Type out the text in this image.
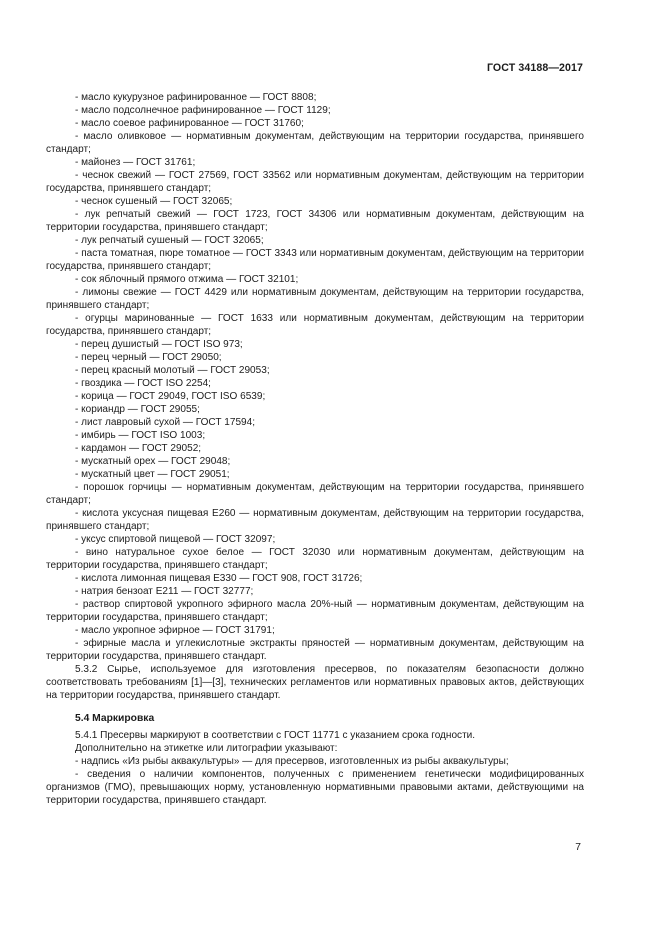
ГОСТ 34188—2017

- масло кукурузное рафинированное — ГОСТ 8808;

- масло подсолнечное рафинированное — ГОСТ 1129;

- масло соевое рафинированное — ГОСТ 31760;

- масло оливковое — нормативным документам, действующим на территории государства, принявшего стандарт;

- майонез — ГОСТ 31761;

- чеснок свежий — ГОСТ 27569, ГОСТ 33562 или нормативным документам, действующим на территории государства, принявшего стандарт;

- чеснок сушеный — ГОСТ 32065;

- лук репчатый свежий — ГОСТ 1723, ГОСТ 34306 или нормативным документам, действующим на территории государства, принявшего стандарт;

- лук репчатый сушеный — ГОСТ 32065;

- паста томатная, пюре томатное — ГОСТ 3343 или нормативным документам, действующим на территории государства, принявшего стандарт;

- сок яблочный прямого отжима — ГОСТ 32101;

- лимоны свежие — ГОСТ 4429 или нормативным документам, действующим на территории государства, принявшего стандарт;

- огурцы маринованные — ГОСТ 1633 или нормативным документам, действующим на территории государства, принявшего стандарт;

- перец душистый — ГОСТ ISO 973;

- перец черный — ГОСТ 29050;

- перец красный молотый — ГОСТ 29053;

- гвоздика — ГОСТ ISO 2254;

- корица — ГОСТ 29049, ГОСТ ISO 6539;

- кориандр — ГОСТ 29055;

- лист лавровый сухой — ГОСТ 17594;

- имбирь — ГОСТ ISO 1003;

- кардамон — ГОСТ 29052;

- мускатный орех — ГОСТ 29048;

- мускатный цвет — ГОСТ 29051;

- порошок горчицы — нормативным документам, действующим на территории государства, принявшего стандарт;

- кислота уксусная пищевая Е260 — нормативным документам, действующим на территории государства, принявшего стандарт;

- уксус спиртовой пищевой — ГОСТ 32097;

- вино натуральное сухое белое — ГОСТ 32030 или нормативным документам, действующим на территории государства, принявшего стандарт;

- кислота лимонная пищевая Е330 — ГОСТ 908, ГОСТ 31726;

- натрия бензоат Е211 — ГОСТ 32777;

- раствор спиртовой укропного эфирного масла 20%-ный — нормативным документам, действующим на территории государства, принявшего стандарт;

- масло укропное эфирное — ГОСТ 31791;

- эфирные масла и углекислотные экстракты пряностей — нормативным документам, действующим на территории государства, принявшего стандарт.

5.3.2 Сырье, используемое для изготовления пресервов, по показателям безопасности должно соответствовать требованиям [1]—[3], технических регламентов или нормативных правовых актов, действующих на территории государства, принявшего стандарт.

5.4 Маркировка

5.4.1 Пресервы маркируют в соответствии с ГОСТ 11771 с указанием срока годности.

Дополнительно на этикетке или литографии указывают:

- надпись «Из рыбы аквакультуры» — для пресервов, изготовленных из рыбы аквакультуры;

- сведения о наличии компонентов, полученных с применением генетически модифицированных организмов (ГМО), превышающих норму, установленную нормативными правовыми актами, действующими на территории государства, принявшего стандарт.

7
